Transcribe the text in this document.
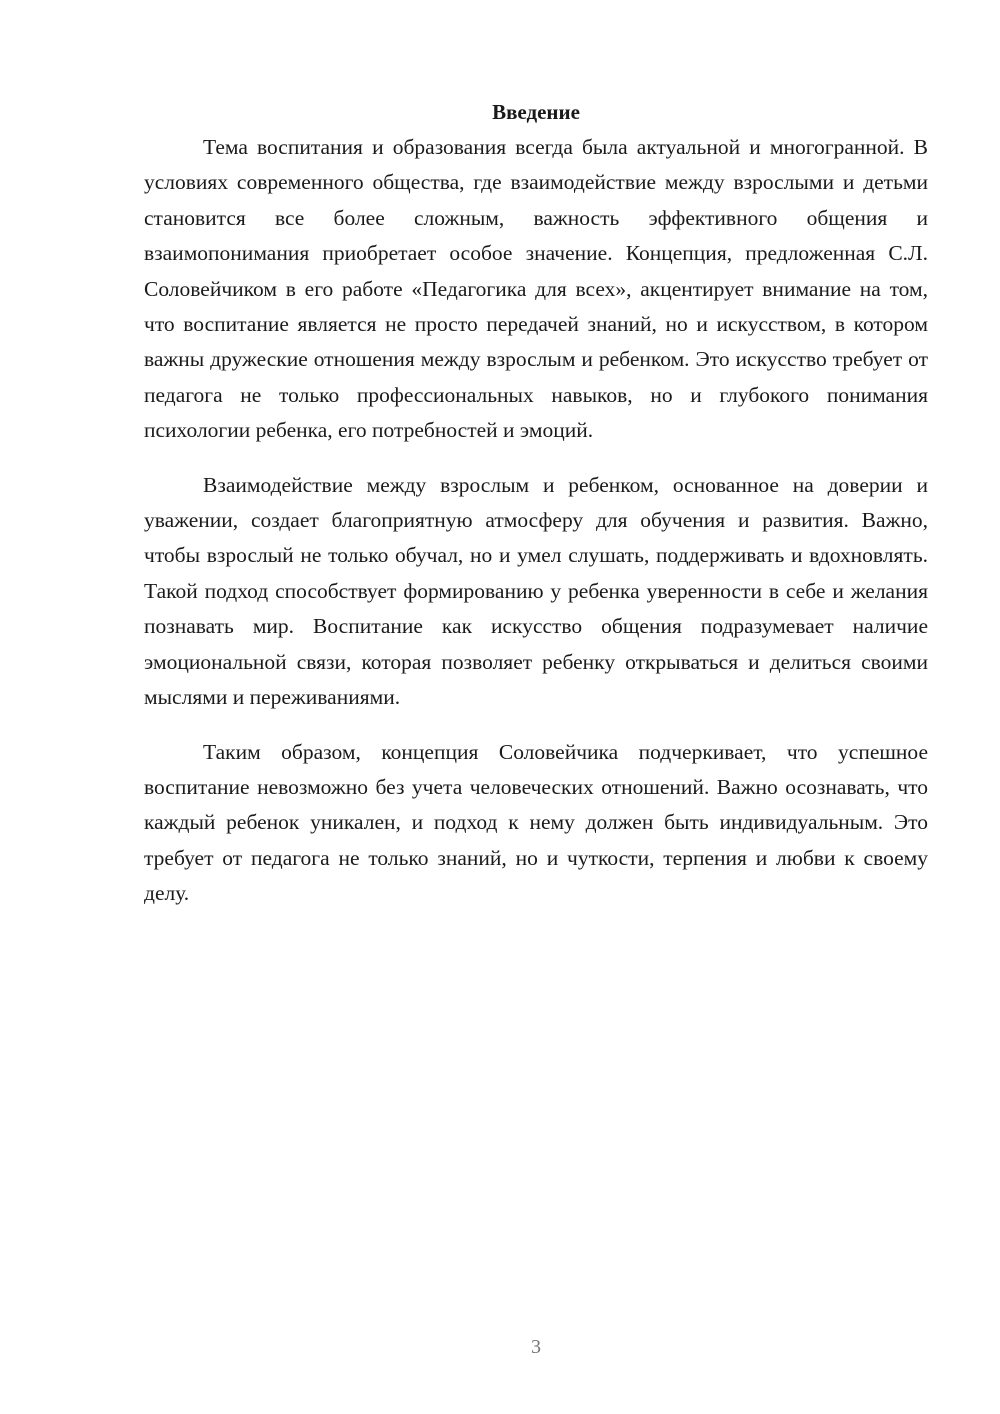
Введение

Тема воспитания и образования всегда была актуальной и многогранной. В условиях современного общества, где взаимодействие между взрослыми и детьми становится все более сложным, важность эффективного общения и взаимопонимания приобретает особое значение. Концепция, предложенная С.Л. Соловейчиком в его работе «Педагогика для всех», акцентирует внимание на том, что воспитание является не просто передачей знаний, но и искусством, в котором важны дружеские отношения между взрослым и ребенком. Это искусство требует от педагога не только профессиональных навыков, но и глубокого понимания психологии ребенка, его потребностей и эмоций.

Взаимодействие между взрослым и ребенком, основанное на доверии и уважении, создает благоприятную атмосферу для обучения и развития. Важно, чтобы взрослый не только обучал, но и умел слушать, поддерживать и вдохновлять. Такой подход способствует формированию у ребенка уверенности в себе и желания познавать мир. Воспитание как искусство общения подразумевает наличие эмоциональной связи, которая позволяет ребенку открываться и делиться своими мыслями и переживаниями.

Таким образом, концепция Соловейчика подчеркивает, что успешное воспитание невозможно без учета человеческих отношений. Важно осознавать, что каждый ребенок уникален, и подход к нему должен быть индивидуальным. Это требует от педагога не только знаний, но и чуткости, терпения и любви к своему делу.

3
